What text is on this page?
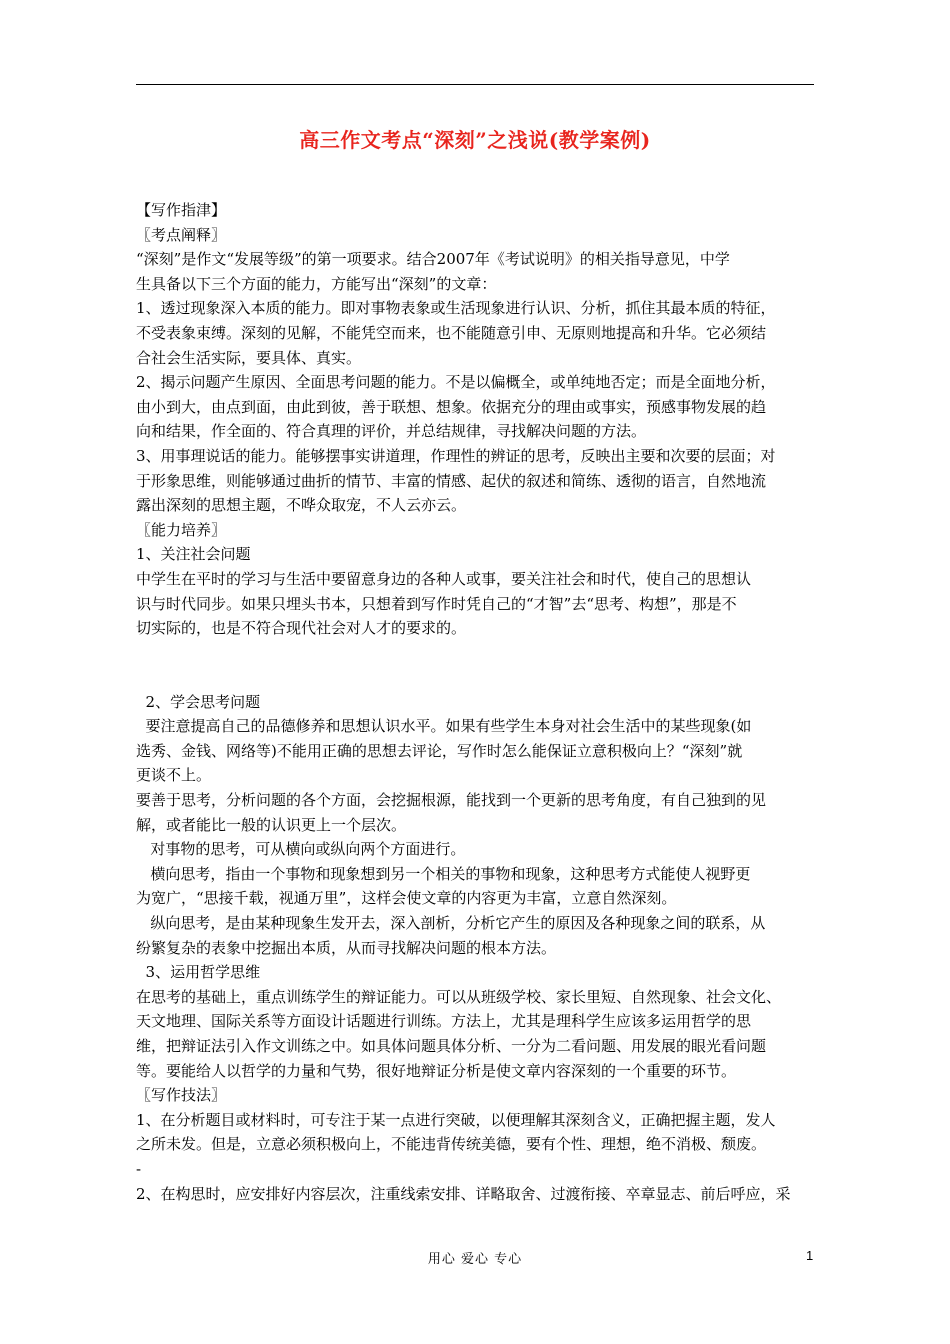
高三作文考点“深刻”之浅说(教学案例)

【写作指津】

〖考点阐释〗

“深刻”是作文“发展等级”的第一项要求。结合2007年《考试说明》的相关指导意见，中学

生具备以下三个方面的能力，方能写出“深刻”的文章：

1、透过现象深入本质的能力。即对事物表象或生活现象进行认识、分析，抓住其最本质的特征，

不受表象束缚。深刻的见解，不能凭空而来，也不能随意引申、无原则地提高和升华。它必须结

合社会生活实际，要具体、真实。

2、揭示问题产生原因、全面思考问题的能力。不是以偏概全，或单纯地否定；而是全面地分析，

由小到大，由点到面，由此到彼，善于联想、想象。依据充分的理由或事实，预感事物发展的趋

向和结果，作全面的、符合真理的评价，并总结规律，寻找解决问题的方法。

3、用事理说话的能力。能够摆事实讲道理，作理性的辨证的思考，反映出主要和次要的层面；对

于形象思维，则能够通过曲折的情节、丰富的情感、起伏的叙述和简练、透彻的语言，自然地流

露出深刻的思想主题，不哗众取宠，不人云亦云。

〖能力培养〗

1、关注社会问题

中学生在平时的学习与生活中要留意身边的各种人或事，要关注社会和时代，使自己的思想认

识与时代同步。如果只埋头书本，只想着到写作时凭自己的“才智”去“思考、构想”，那是不

切实际的，也是不符合现代社会对人才的要求的。

2、学会思考问题

要注意提高自己的品德修养和思想认识水平。如果有些学生本身对社会生活中的某些现象(如

选秀、金钱、网络等)不能用正确的思想去评论，写作时怎么能保证立意积极向上？“深刻”就

更谈不上。

要善于思考，分析问题的各个方面，会挖掘根源，能找到一个更新的思考角度，有自己独到的见

解，或者能比一般的认识更上一个层次。

对事物的思考，可从横向或纵向两个方面进行。

横向思考，指由一个事物和现象想到另一个相关的事物和现象，这种思考方式能使人视野更

为宽广，“思接千载，视通万里”，这样会使文章的内容更为丰富，立意自然深刻。

纵向思考，是由某种现象生发开去，深入剖析，分析它产生的原因及各种现象之间的联系，从

纷繁复杂的表象中挖掘出本质，从而寻找解决问题的根本方法。

3、运用哲学思维

在思考的基础上，重点训练学生的辩证能力。可以从班级学校、家长里短、自然现象、社会文化、

天文地理、国际关系等方面设计话题进行训练。方法上，尤其是理科学生应该多运用哲学的思

维，把辩证法引入作文训练之中。如具体问题具体分析、一分为二看问题、用发展的眼光看问题

等。要能给人以哲学的力量和气势，很好地辩证分析是使文章内容深刻的一个重要的环节。

〖写作技法〗

1、在分析题目或材料时，可专注于某一点进行突破，以便理解其深刻含义，正确把握主题，发人

之所未发。但是，立意必须积极向上，不能违背传统美德，要有个性、理想，绝不消极、颓废。

-

2、在构思时，应安排好内容层次，注重线索安排、详略取舍、过渡衔接、卒章显志、前后呼应，采

用心 爱心 专心	1
